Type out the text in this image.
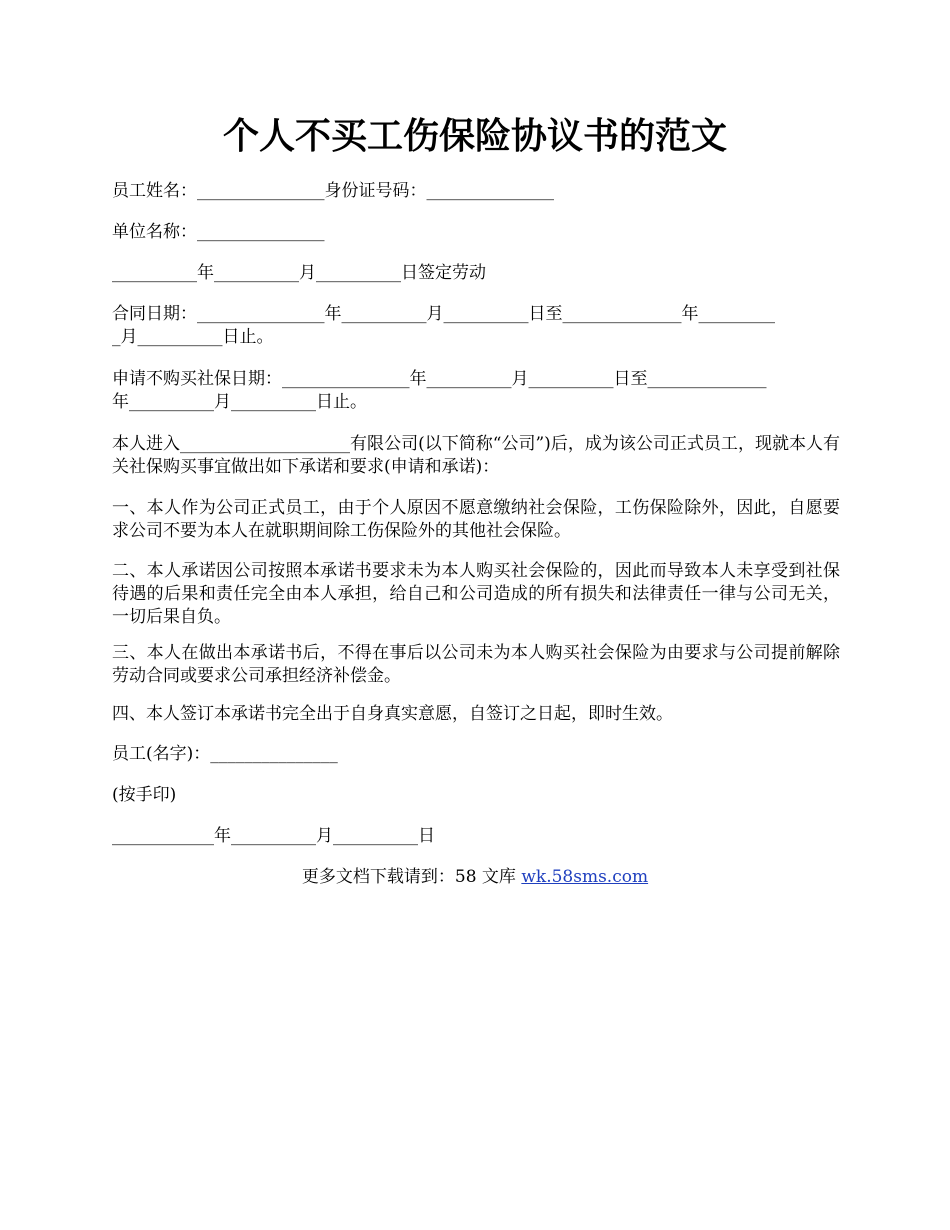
个人不买工伤保险协议书的范文
员工姓名：_______________身份证号码：_______________
单位名称：_______________
__________年__________月__________日签定劳动
合同日期：_______________年__________月__________日至______________年_________
_月__________日止。
申请不购买社保日期：_______________年__________月__________日至______________
年__________月__________日止。
本人进入____________________有限公司(以下简称“公司”)后，成为该公司正式员工，现就本人有关社保购买事宜做出如下承诺和要求(申请和承诺)：
一、本人作为公司正式员工，由于个人原因不愿意缴纳社会保险，工伤保险除外，因此，自愿要求公司不要为本人在就职期间除工伤保险外的其他社会保险。
二、本人承诺因公司按照本承诺书要求未为本人购买社会保险的，因此而导致本人未享受到社保待遇的后果和责任完全由本人承担，给自己和公司造成的所有损失和法律责任一律与公司无关，一切后果自负。
三、本人在做出本承诺书后，不得在事后以公司未为本人购买社会保险为由要求与公司提前解除劳动合同或要求公司承担经济补偿金。
四、本人签订本承诺书完全出于自身真实意愿，自签订之日起，即时生效。
员工(名字)：_______________
(按手印)
____________年__________月__________日
更多文档下载请到：58 文库 wk.58sms.com
